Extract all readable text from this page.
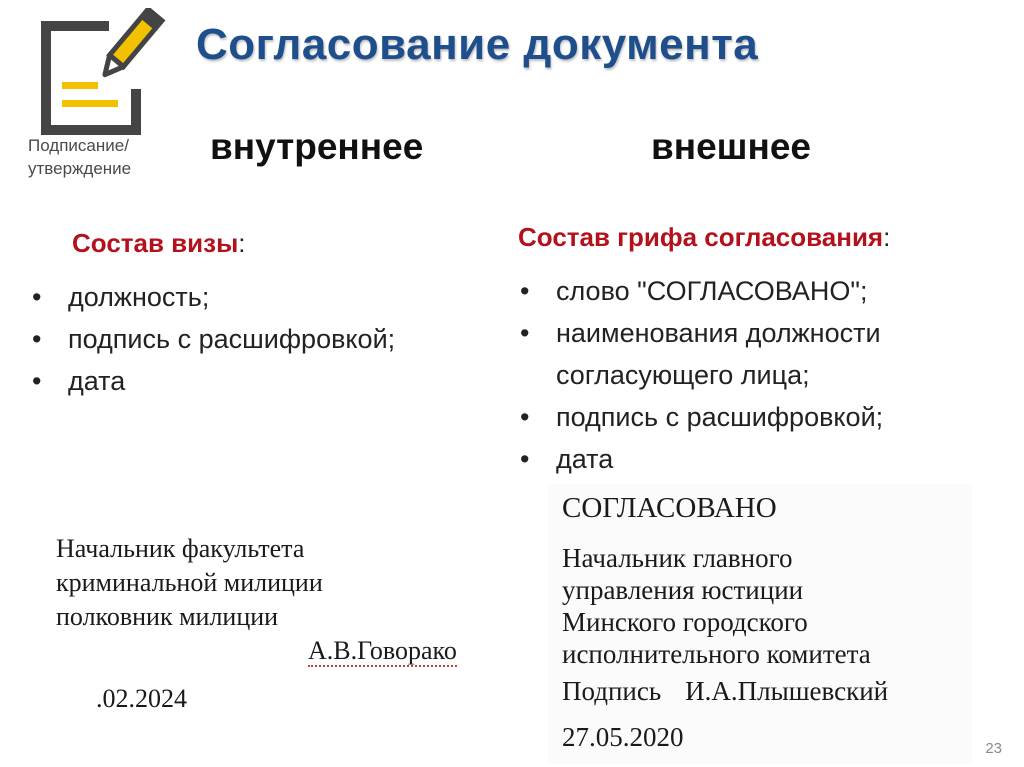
Подписание/
утверждение
Согласование документа
внутреннее	внешнее
Состав визы:	Состав грифа согласования:
• должность;
• подпись с расшифровкой;
• дата
• слово "СОГЛАСОВАНО";
• наименования должности согласующего лица;
• подпись с расшифровкой;
• дата
Начальник факультета
криминальной милиции
полковник милиции
А.В.Говорако
.02.2024
СОГЛАСОВАНО
Начальник главного
управления юстиции
Минского городского
исполнительного комитета
Подпись И.А.Плышевский
27.05.2020	23
